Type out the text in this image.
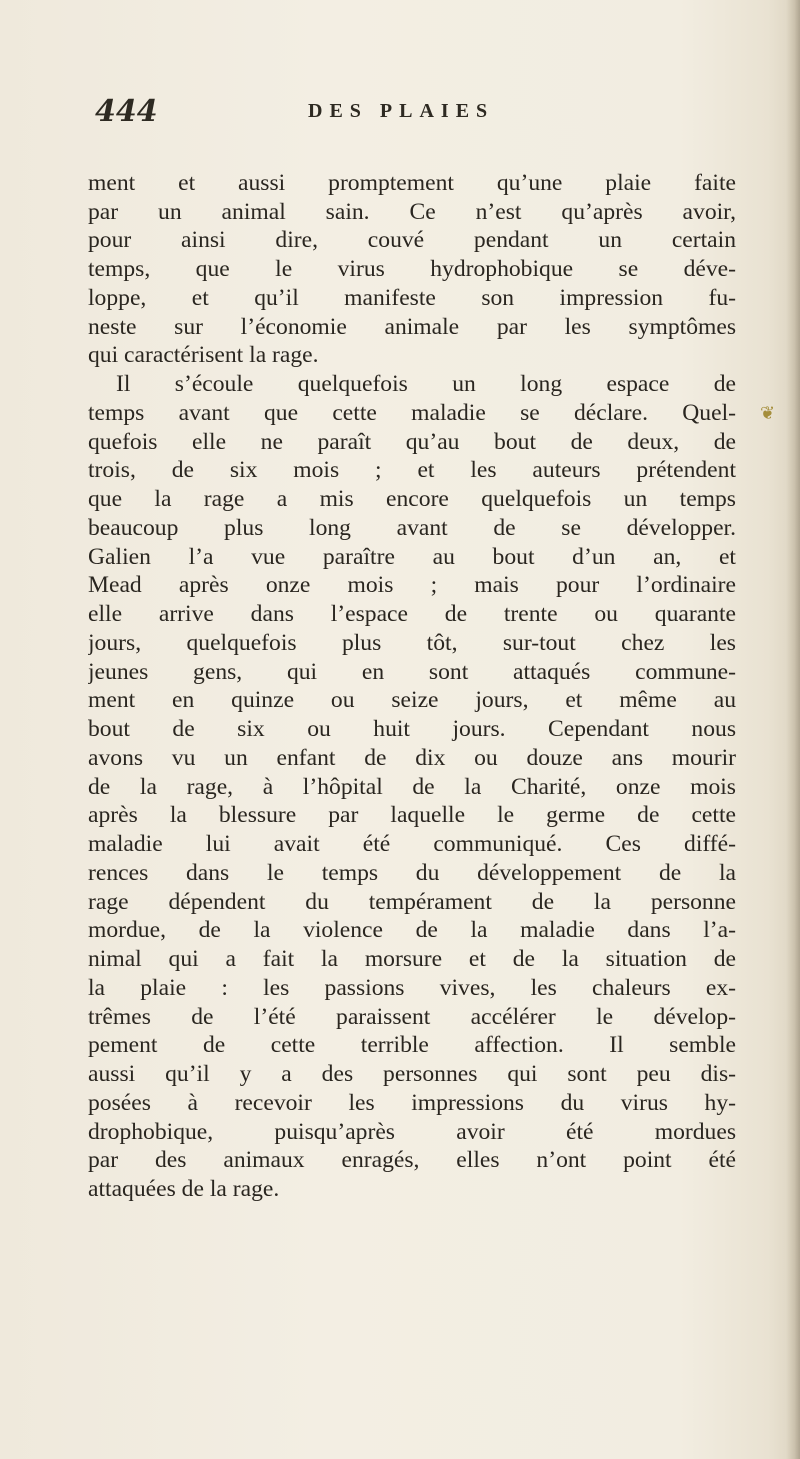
444	DES PLAIES

ment et aussi promptement qu’une plaie faite
par un animal sain. Ce n’est qu’après avoir,
pour ainsi dire, couvé pendant un certain
temps, que le virus hydrophobique se déve-
loppe, et qu’il manifeste son impression fu-
neste sur l’économie animale par les symptômes
qui caractérisent la rage.
Il s’écoule quelquefois un long espace de
temps avant que cette maladie se déclare. Quel-
quefois elle ne paraît qu’au bout de deux, de
trois, de six mois ; et les auteurs prétendent
que la rage a mis encore quelquefois un temps
beaucoup plus long avant de se développer.
Galien l’a vue paraître au bout d’un an, et
Mead après onze mois ; mais pour l’ordinaire
elle arrive dans l’espace de trente ou quarante
jours, quelquefois plus tôt, sur-tout chez les
jeunes gens, qui en sont attaqués commune-
ment en quinze ou seize jours, et même au
bout de six ou huit jours. Cependant nous
avons vu un enfant de dix ou douze ans mourir
de la rage, à l’hôpital de la Charité, onze mois
après la blessure par laquelle le germe de cette
maladie lui avait été communiqué. Ces diffé-
rences dans le temps du développement de la
rage dépendent du tempérament de la personne
mordue, de la violence de la maladie dans l’a-
nimal qui a fait la morsure et de la situation de
la plaie : les passions vives, les chaleurs ex-
trêmes de l’été paraissent accélérer le dévelop-
pement de cette terrible affection. Il semble
aussi qu’il y a des personnes qui sont peu dis-
posées à recevoir les impressions du virus hy-
drophobique, puisqu’après avoir été mordues
par des animaux enragés, elles n’ont point été
attaquées de la rage.

❦
